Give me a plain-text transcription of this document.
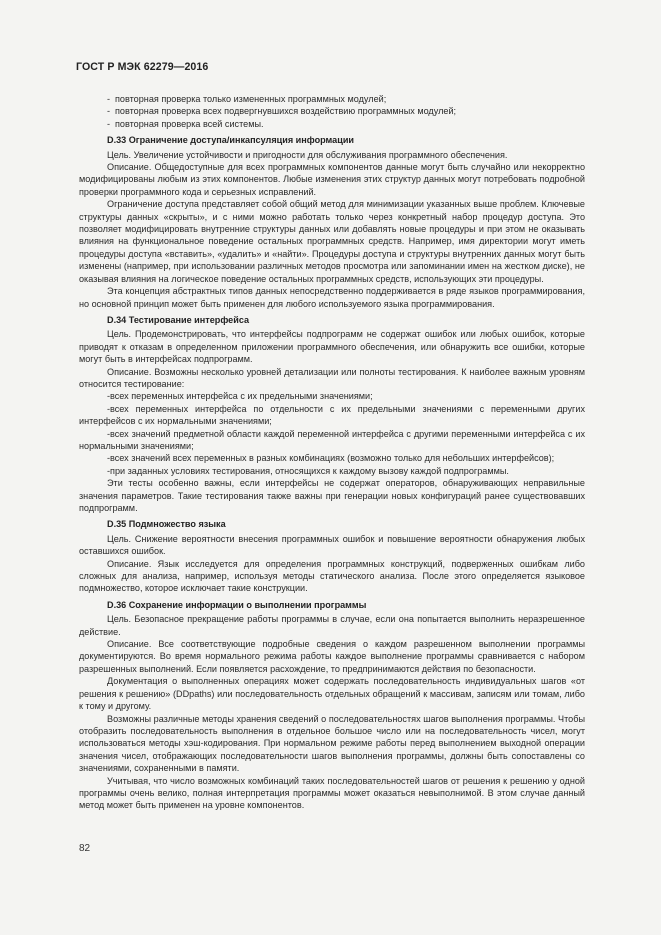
ГОСТ Р МЭК 62279—2016

- повторная проверка только измененных программных модулей;

- повторная проверка всех подвергнувшихся воздействию программных модулей;

- повторная проверка всей системы.

D.33 Ограничение доступа/инкапсуляция информации

Цель. Увеличение устойчивости и пригодности для обслуживания программного обеспечения.

Описание. Общедоступные для всех программных компонентов данные могут быть случайно или некорректно модифицированы любым из этих компонентов. Любые изменения этих структур данных могут потребовать подробной проверки программного кода и серьезных исправлений.

Ограничение доступа представляет собой общий метод для минимизации указанных выше проблем. Ключевые структуры данных «скрыты», и с ними можно работать только через конкретный набор процедур доступа. Это позволяет модифицировать внутренние структуры данных или добавлять новые процедуры и при этом не оказывать влияния на функциональное поведение остальных программных средств. Например, имя директории могут иметь процедуры доступа «вставить», «удалить» и «найти». Процедуры доступа и структуры внутренних данных могут быть изменены (например, при использовании различных методов просмотра или запоминании имен на жестком диске), не оказывая влияния на логическое поведение остальных программных средств, использующих эти процедуры.

Эта концепция абстрактных типов данных непосредственно поддерживается в ряде языков программирования, но основной принцип может быть применен для любого используемого языка программирования.

D.34 Тестирование интерфейса

Цель. Продемонстрировать, что интерфейсы подпрограмм не содержат ошибок или любых ошибок, которые приводят к отказам в определенном приложении программного обеспечения, или обнаружить все ошибки, которые могут быть в интерфейсах подпрограмм.

Описание. Возможны несколько уровней детализации или полноты тестирования. К наиболее важным уровням относится тестирование:

-всех переменных интерфейса с их предельными значениями;

-всех переменных интерфейса по отдельности с их предельными значениями с переменными других интерфейсов с их нормальными значениями;

-всех значений предметной области каждой переменной интерфейса с другими переменными интерфейса с их нормальными значениями;

-всех значений всех переменных в разных комбинациях (возможно только для небольших интерфейсов);

-при заданных условиях тестирования, относящихся к каждому вызову каждой подпрограммы.

Эти тесты особенно важны, если интерфейсы не содержат операторов, обнаруживающих неправильные значения параметров. Такие тестирования также важны при генерации новых конфигураций ранее существовавших подпрограмм.

D.35 Подмножество языка

Цель. Снижение вероятности внесения программных ошибок и повышение вероятности обнаружения любых оставшихся ошибок.

Описание. Язык исследуется для определения программных конструкций, подверженных ошибкам либо сложных для анализа, например, используя методы статического анализа. После этого определяется языковое подмножество, которое исключает такие конструкции.

D.36 Сохранение информации о выполнении программы

Цель. Безопасное прекращение работы программы в случае, если она попытается выполнить неразрешенное действие.

Описание. Все соответствующие подробные сведения о каждом разрешенном выполнении программы документируются. Во время нормального режима работы каждое выполнение программы сравнивается с набором разрешенных выполнений. Если появляется расхождение, то предпринимаются действия по безопасности.

Документация о выполненных операциях может содержать последовательность индивидуальных шагов «от решения к решению» (DDpaths) или последовательность отдельных обращений к массивам, записям или томам, либо к тому и другому.

Возможны различные методы хранения сведений о последовательностях шагов выполнения программы. Чтобы отобразить последовательность выполнения в отдельное большое число или на последовательность чисел, могут использоваться методы хэш-кодирования. При нормальном режиме работы перед выполнением выходной операции значения чисел, отображающих последовательности шагов выполнения программы, должны быть сопоставлены со значениями, сохраненными в памяти.

Учитывая, что число возможных комбинаций таких последовательностей шагов от решения к решению у одной программы очень велико, полная интерпретация программы может оказаться невыполнимой. В этом случае данный метод может быть применен на уровне компонентов.

82
